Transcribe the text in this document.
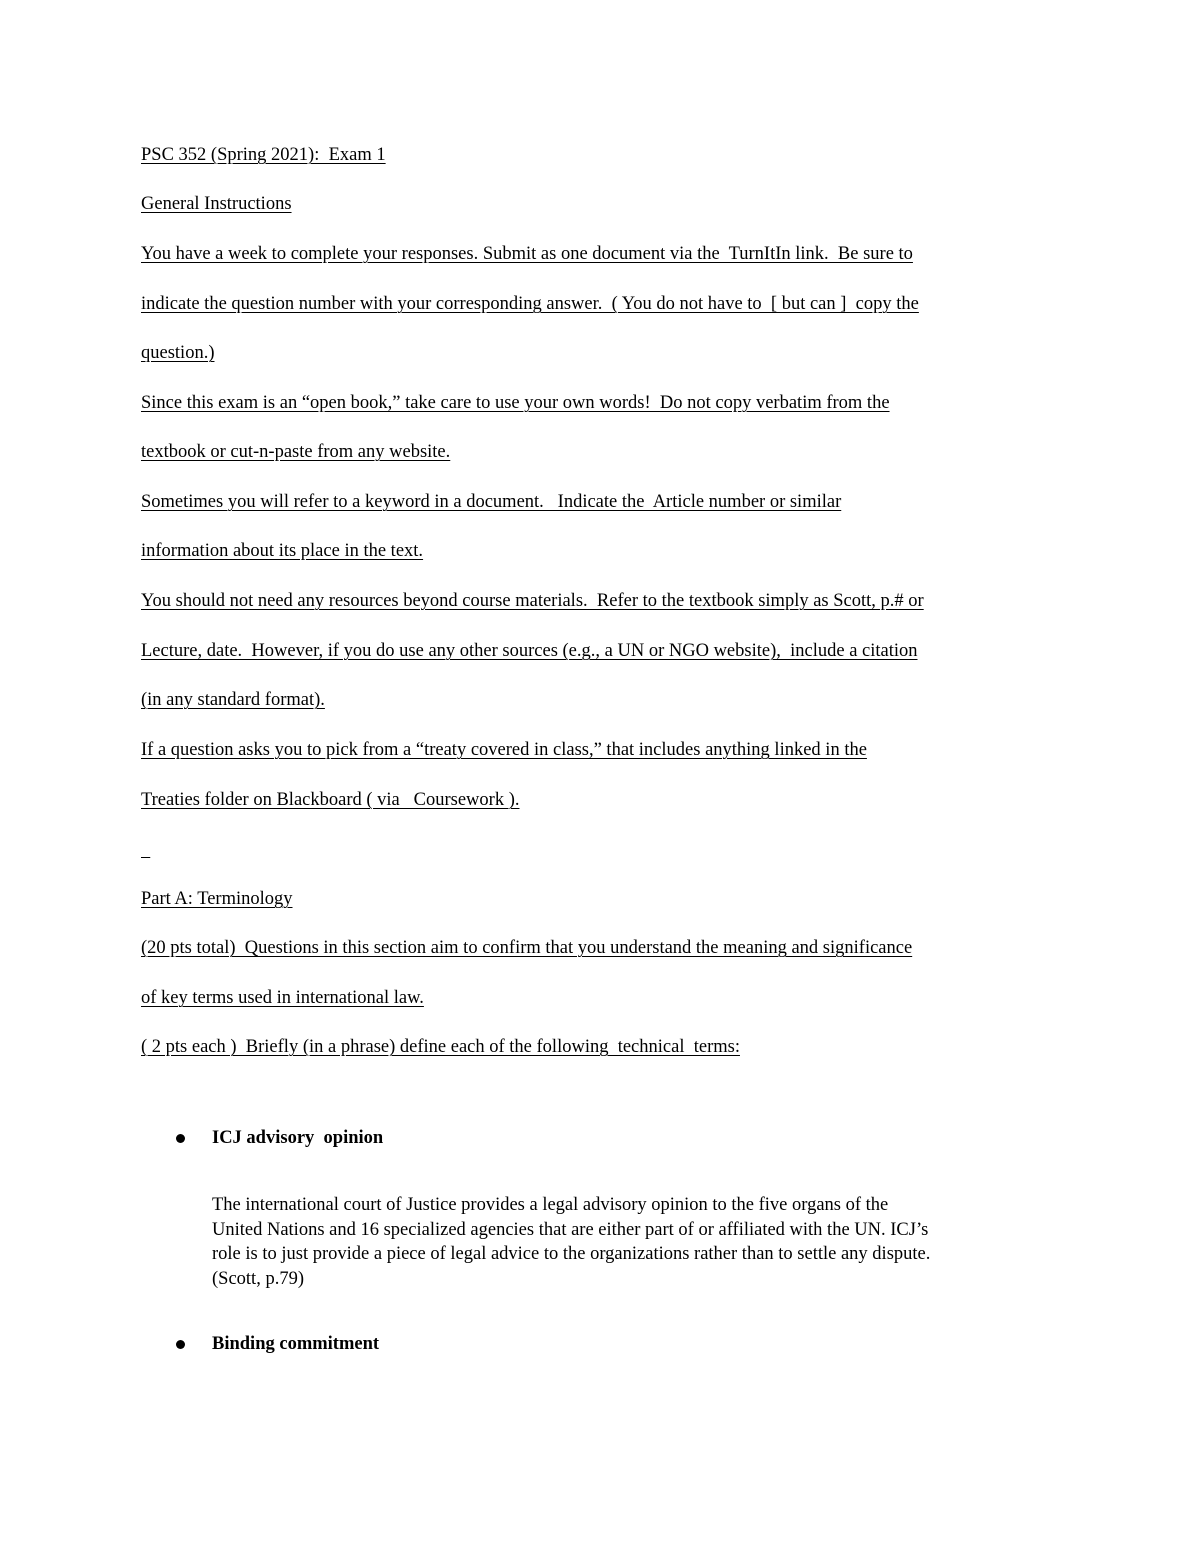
PSC 352 (Spring 2021):  Exam 1
General Instructions
You have a week to complete your responses. Submit as one document via the  TurnItIn link.  Be sure to
indicate the question number with your corresponding answer.  ( You do not have to  [ but can ]  copy the
question.)
Since this exam is an “open book,” take care to use your own words!  Do not copy verbatim from the
textbook or cut-n-paste from any website.
Sometimes you will refer to a keyword in a document.   Indicate the  Article number or similar
information about its place in the text.
You should not need any resources beyond course materials.  Refer to the textbook simply as Scott, p.# or
Lecture, date.  However, if you do use any other sources (e.g., a UN or NGO website),  include a citation
(in any standard format).
If a question asks you to pick from a “treaty covered in class,” that includes anything linked in the
Treaties folder on Blackboard ( via   Coursework ).

Part A: Terminology
(20 pts total)  Questions in this section aim to confirm that you understand the meaning and significance
of key terms used in international law.
( 2 pts each )  Briefly (in a phrase) define each of the following  technical  terms:
ICJ advisory  opinion
The international court of Justice provides a legal advisory opinion to the five organs of the
United Nations and 16 specialized agencies that are either part of or affiliated with the UN. ICJ’s
role is to just provide a piece of legal advice to the organizations rather than to settle any dispute.
(Scott, p.79)
Binding commitment
